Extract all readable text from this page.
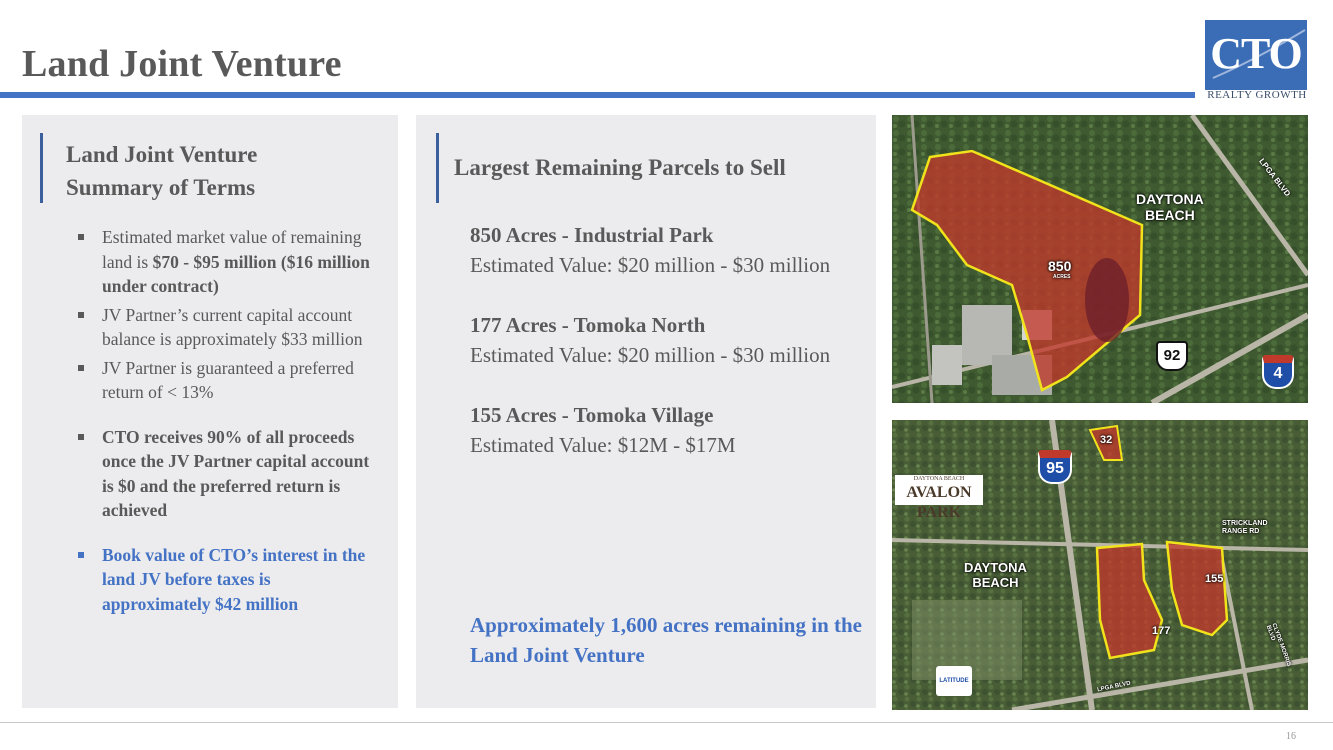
Land Joint Venture	CTO
REALTY GROWTH
Land Joint Venture
Summary of Terms
Estimated market value of remaining land is $70 - $95 million ($16 million under contract)
JV Partner’s current capital account balance is approximately $33 million
JV Partner is guaranteed a preferred return of < 13%
CTO receives 90% of all proceeds once the JV Partner capital account is $0 and the preferred return is achieved
Book value of CTO’s interest in the land JV before taxes is approximately $42 million
Largest Remaining Parcels to Sell
850 Acres - Industrial Park
Estimated Value: $20 million - $30 million
177 Acres - Tomoka North
Estimated Value: $20 million - $30 million
155 Acres - Tomoka Village
Estimated Value: $12M - $17M
Approximately 1,600 acres remaining in the Land Joint Venture
DAYTONA
BEACH
850
ACRES
LPGA BLVD
92
4
DAYTONA BEACH
AVALON PARK
95
DAYTONA
BEACH
32
155
177
STRICKLAND RANGE RD
LPGA BLVD
CLYDE MORRIS BLVD
LATITUDE
16
